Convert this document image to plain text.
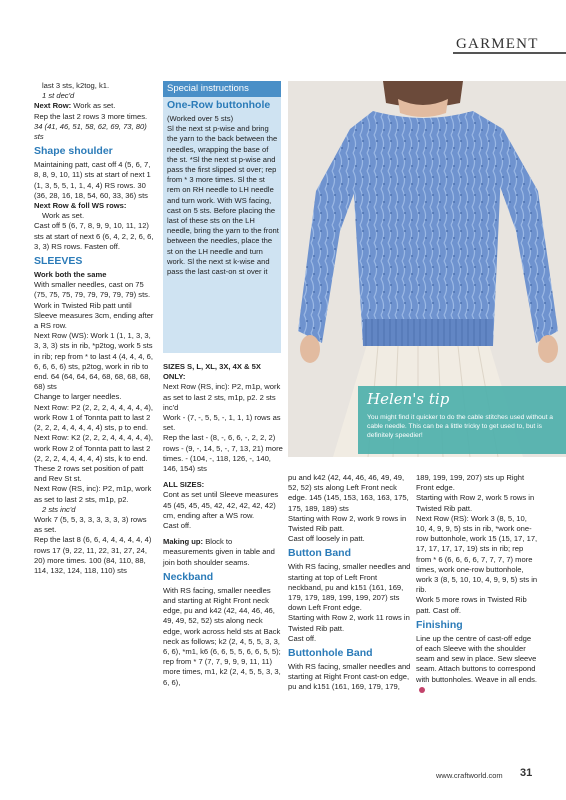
GARMENT

last 3 sts, k2tog, k1.

1 st dec'd

Next Row: Work as set.

Rep the last 2 rows 3 more times. 34 (41, 46, 51, 58, 62, 69, 73, 80) sts

Shape shoulder

Maintaining patt, cast off 4 (5, 6, 7, 8, 8, 9, 10, 11) sts at start of next 1 (1, 3, 5, 5, 1, 1, 4, 4) RS rows. 30 (36, 28, 16, 18, 54, 60, 33, 36) sts

Next Row & foll WS rows:

Work as set.

Cast off 5 (6, 7, 8, 9, 9, 10, 11, 12) sts at start of next 6 (6, 4, 2, 2, 6, 6, 3, 3) RS rows. Fasten off.

SLEEVES

Work both the same

With smaller needles, cast on 75 (75, 75, 75, 79, 79, 79, 79, 79) sts.

Work in Twisted Rib patt until Sleeve measures 3cm, ending after a RS row.

Next Row (WS): Work 1 (1, 1, 3, 3, 3, 3, 3) sts in rib, *p2tog, work 5 sts in rib; rep from * to last 4 (4, 4, 4, 6, 6, 6, 6, 6) sts, p2tog, work in rib to end. 64 (64, 64, 64, 68, 68, 68, 68, 68) sts

Change to larger needles.

Next Row: P2 (2, 2, 2, 4, 4, 4, 4, 4), work Row 1 of Tonnta patt to last 2 (2, 2, 2, 4, 4, 4, 4, 4) sts, p to end.

Next Row: K2 (2, 2, 2, 4, 4, 4, 4, 4), work Row 2 of Tonnta patt to last 2 (2, 2, 2, 4, 4, 4, 4, 4) sts, k to end.

These 2 rows set position of patt and Rev St st.

Next Row (RS, inc): P2, m1p, work as set to last 2 sts, m1p, p2.

2 sts inc'd

Work 7 (5, 5, 3, 3, 3, 3, 3, 3) rows as set.

Rep the last 8 (6, 6, 4, 4, 4, 4, 4, 4) rows 17 (9, 22, 11, 22, 31, 27, 24, 20) more times. 100 (84, 110, 88, 114, 132, 124, 118, 110) sts

Special instructions
One-Row buttonhole

(Worked over 5 sts)

Sl the next st p-wise and bring the yarn to the back between the needles, wrapping the base of the st. *Sl the next st p-wise and pass the first slipped st over; rep from * 3 more times. Sl the st rem on RH needle to LH needle and turn work. With WS facing, cast on 5 sts. Before placing the last of these sts on the LH needle, bring the yarn to the front between the needles, place the st on the LH needle and turn work. Sl the next st k-wise and pass the last cast-on st over it

SIZES S, L, XL, 3X, 4X & 5X ONLY:

Next Row (RS, inc): P2, m1p, work as set to last 2 sts, m1p, p2. 2 sts inc'd

Work - (7, -, 5, 5, -, 1, 1, 1) rows as set.

Rep the last - (8, -, 6, 6, -, 2, 2, 2) rows - (9, -, 14, 5, -, 7, 13, 21) more times. - (104, -, 118, 126, -, 140, 146, 154) sts

ALL SIZES:

Cont as set until Sleeve measures 45 (45, 45, 45, 42, 42, 42, 42, 42) cm, ending after a WS row.

Cast off.

Making up: Block to measurements given in table and join both shoulder seams.

Neckband

With RS facing, smaller needles and starting at Right Front neck edge, pu and k42 (42, 44, 46, 46, 49, 49, 52, 52) sts along neck edge, work across held sts at Back neck as follows; k2 (2, 4, 5, 5, 3, 3, 6, 6), *m1, k6 (6, 6, 5, 5, 6, 6, 5, 5); rep from * 7 (7, 7, 9, 9, 9, 11, 11) more times, m1, k2 (2, 4, 5, 5, 3, 3, 6, 6),

Helen's tip
You might find it quicker to do the cable stitches used without a cable needle. This can be a little tricky to get used to, but is definitely speedier!

pu and k42 (42, 44, 46, 46, 49, 49, 52, 52) sts along Left Front neck edge. 145 (145, 153, 163, 163, 175, 175, 189, 189) sts

Starting with Row 2, work 9 rows in Twisted Rib patt.

Cast off loosely in patt.

Button Band

With RS facing, smaller needles and starting at top of Left Front neckband, pu and k151 (161, 169, 179, 179, 189, 199, 199, 207) sts down Left Front edge.

Starting with Row 2, work 11 rows in Twisted Rib patt.

Cast off.

Buttonhole Band

With RS facing, smaller needles and starting at Right Front cast-on edge, pu and k151 (161, 169, 179, 179,

189, 199, 199, 207) sts up Right Front edge.

Starting with Row 2, work 5 rows in Twisted Rib patt.

Next Row (RS): Work 3 (8, 5, 10, 10, 4, 9, 9, 5) sts in rib, *work one-row buttonhole, work 15 (15, 17, 17, 17, 17, 17, 17, 19) sts in rib; rep from * 6 (6, 6, 6, 6, 7, 7, 7, 7) more times, work one-row buttonhole, work 3 (8, 5, 10, 10, 4, 9, 9, 5) sts in rib.

Work 5 more rows in Twisted Rib patt. Cast off.

Finishing

Line up the centre of cast-off edge of each Sleeve with the shoulder seam and sew in place. Sew sleeve seam. Attach buttons to correspond with buttonholes. Weave in all ends.

www.craftworld.com 31
